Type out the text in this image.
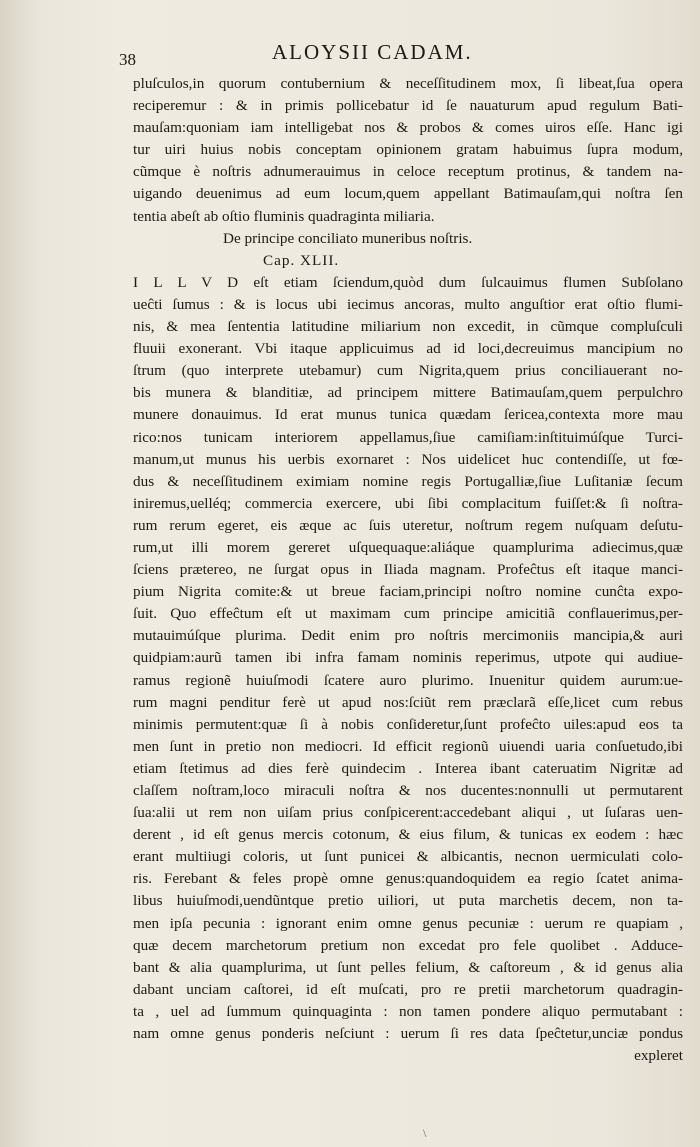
38	ALOYSII CADAM.
pluſculos,in quorum contubernium & neceſſitudinem mox, ſi libeat,ſua opera
reciperemur : & in primis pollicebatur id ſe nauaturum apud regulum Bati-
mauſam:quoniam iam intelligebat nos & probos & comes uiros eſſe. Hanc igi
tur uiri huius nobis conceptam opinionem gratam habuimus ſupra modum,
cũmque è noſtris adnumerauimus in celoce receptum protinus, & tandem na-
uigando deuenimus ad eum locum,quem appellant Batimauſam,qui noſtra ſen
tentia abeſt ab oſtio fluminis quadraginta miliaria.
De principe conciliato muneribus noſtris.
Cap. XLII.
I L L V D eſt etiam ſciendum,quòd dum ſulcauimus flumen Subſolano
ueĉti ſumus : & is locus ubi iecimus ancoras, multo anguſtior erat oſtio flumi-
nis, & mea ſententia latitudine miliarium non excedit, in cũmque compluſculi
fluuii exonerant. Vbi itaque applicuimus ad id loci,decreuimus mancipium no
ſtrum (quo interprete utebamur) cum Nigrita,quem prius conciliauerant no-
bis munera & blanditiæ, ad principem mittere Batimauſam,quem perpulchro
munere donauimus. Id erat munus tunica quædam ſericea,contexta more mau
rico:nos tunicam interiorem appellamus,ſiue camiſiam:inſtituimúſque Turci-
manum,ut munus his uerbis exornaret : Nos uidelicet huc contendiſſe, ut fœ-
dus & neceſſitudinem eximiam nomine regis Portugalliæ,ſiue Luſitaniæ ſecum
iniremus,uelléq; commercia exercere, ubi ſibi complacitum fuiſſet:& ſi noſtra-
rum rerum egeret, eis æque ac ſuis uteretur, noſtrum regem nuſquam deſutu-
rum,ut illi morem gereret uſquequaque:aliáque quamplurima adiecimus,quæ
ſciens prætereo, ne ſurgat opus in Iliada magnam. Profeĉtus eſt itaque manci-
pium Nigrita comite:& ut breue faciam,principi noſtro nomine cunĉta expo-
ſuit. Quo effeĉtum eſt ut maximam cum principe amicitiã conflauerimus,per-
mutauimúſque plurima. Dedit enim pro noſtris mercimoniis mancipia,& auri
quidpiam:aurũ tamen ibi infra famam nominis reperimus, utpote qui audiue-
ramus regionẽ huiuſmodi ſcatere auro plurimo. Inuenitur quidem aurum:ue-
rum magni penditur ferè ut apud nos:ſciũt rem præclarã eſſe,licet cum rebus
minimis permutent:quæ ſi à nobis conſideretur,ſunt profeĉto uiles:apud eos ta
men ſunt in pretio non mediocri. Id efficit regionũ uiuendi uaria conſuetudo,ibi
etiam ſtetimus ad dies ferè quindecim . Interea ibant cateruatim Nigritæ ad
claſſem noſtram,loco miraculi noſtra & nos ducentes:nonnulli ut permutarent
ſua:alii ut rem non uiſam prius conſpicerent:accedebant aliqui , ut ſuſaras uen-
derent , id eſt genus mercis cotonum, & eius filum, & tunicas ex eodem : hæc
erant multiiugi coloris, ut ſunt punicei & albicantis, necnon uermiculati colo-
ris. Ferebant & feles propè omne genus:quandoquidem ea regio ſcatet anima-
libus huiuſmodi,uendũntque pretio uiliori, ut puta marchetis decem, non ta-
men ipſa pecunia : ignorant enim omne genus pecuniæ : uerum re quapiam ,
quæ decem marchetorum pretium non excedat pro fele quolibet . Adduce-
bant & alia quamplurima, ut ſunt pelles felium, & caſtoreum , & id genus alia
dabant unciam caſtorei, id eſt muſcati, pro re pretii marchetorum quadragin-
ta , uel ad ſummum quinquaginta : non tamen pondere aliquo permutabant :
nam omne genus ponderis neſciunt : uerum ſi res data ſpeĉtetur,unciæ pondus
expleret
\
